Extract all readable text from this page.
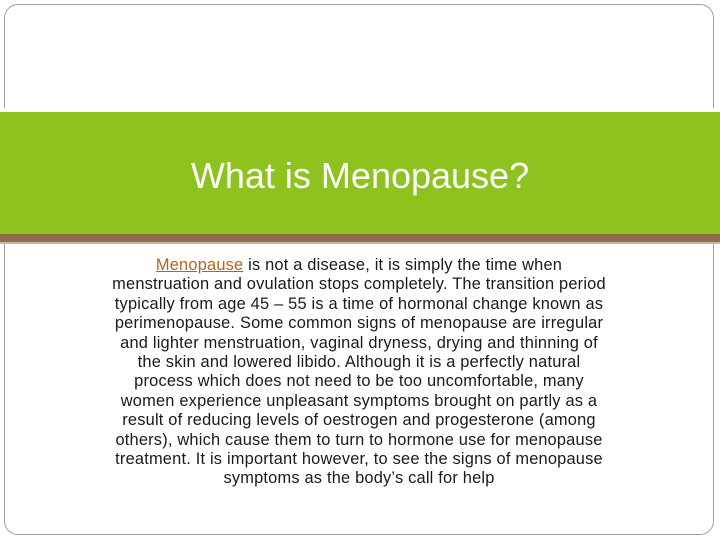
What is Menopause?

Menopause is not a disease, it is simply the time when menstruation and ovulation stops completely. The transition period typically from age 45 – 55 is a time of hormonal change known as perimenopause. Some common signs of menopause are irregular and lighter menstruation, vaginal dryness, drying and thinning of the skin and lowered libido. Although it is a perfectly natural process which does not need to be too uncomfortable, many women experience unpleasant symptoms brought on partly as a result of reducing levels of oestrogen and progesterone (among others), which cause them to turn to hormone use for menopause treatment. It is important however, to see the signs of menopause symptoms as the body’s call for help
